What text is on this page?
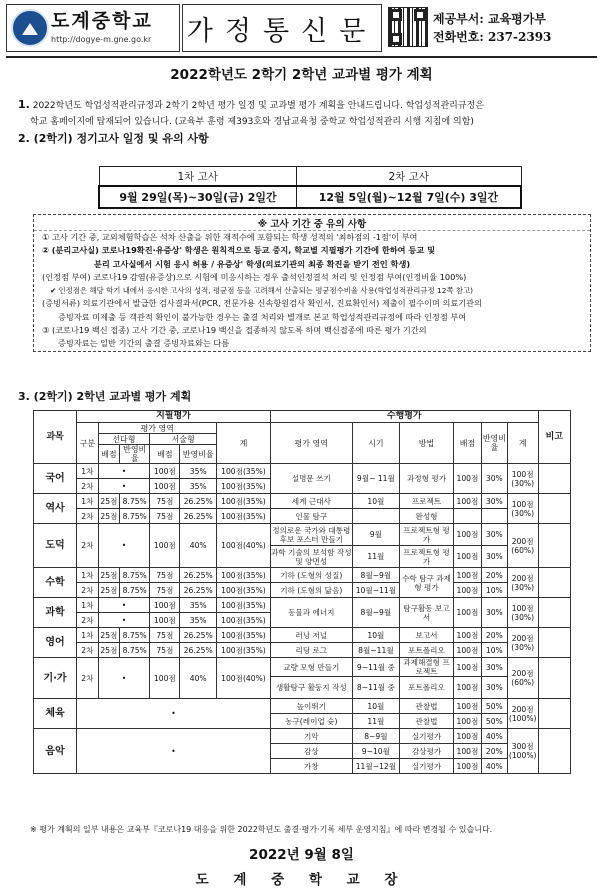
도계중학교
http://dogye-m.gne.go.kr 가정통신문	제공부서: 교육평가부
전화번호: 237-2393
2022학년도 2학기 2학년 교과별 평가 계획
1. 2022학년도 학업성적관리규정과 2학기 2학년 평가 일정 및 교과별 평가 계획을 안내드립니다. 학업성적관리규정은
학교 홈페이지에 탑재되어 있습니다. (교육부 훈령 제393호와 경남교육청 중학교 학업성적관리 시행 지침에 의함)
2. (2학기) 정기고사 일정 및 유의 사항
1차 고사	2차 고사
9월 29일(목)~30일(금) 2일간	12월 5일(월)~12월 7일(수) 3일간
※ 고사 기간 중 유의 사항
① 고사 기간 중, 교외체험학습은 석차 산출을 위한 재적수에 포함되는 학생 성적의 '최하점의 -1점'이 부여
② (분리고사실) 코로나19확진·유증상' 학생은 원칙적으로 등교 중지, 학교별 지필평가 기간에 한하여 등교 및
분리 고사실에서 시험 응시 허용 / 유증상' 학생(의료기관의 최종 확진을 받기 전인 학생)
(인정점 부여) 코로나19 감염(유증상)으로 시험에 미응시하는 경우 출석인정결석 처리 및 인정점 부여(인정비율 100%)
✔ 인정점은 해당 학기 내에서 응시한 고사의 성적, 평균점 등을 고려해서 산출되는 평균점수비율 사용(학업성적관리규정 12쪽 참고)
(증빙서류) 의료기관에서 발급한 검사결과서(PCR, 전문가용 신속항원검사 확인서, 진료확인서) 제출이 필수이며 의료기관의
증빙자료 미제출 등 객관적 확인이 불가능한 경우는 출결 처리와 별개로 본교 학업성적관리규정에 따라 인정점 부여
③ (코로나19 백신 접종) 고사 기간 중, 코로나19 백신을 접종하지 않도록 하며 백신접종에 따른 평가 기간의
증빙자료는 일반 기간의 출결 증빙자료와는 다름
3. (2학기) 2학년 교과별 평가 계획
과목	지필평가						수행평가						비고
	구분	평가 영역				계	평가 영역	시기	방법	배점	반영비율	계	
		선다형		서술형									
		배점	반영비율	배점	반영비율								
국어	1차	•		100점	35%	100점(35%)	설명문 쓰기	9월~ 11월	과정형 평가	100점	30%	100점 (30%)	
	2차	•		100점	35%	100점(35%)							
역사	1차	25점	8.75%	75점	26.25%	100점(35%)	세계 근대사	10월	프로젝트	100점	30%	100점 (30%)	
	2차	25점	8.75%	75점	26.25%	100점(35%)	인물 탐구		완성형				
도덕	2차	•		100점	40%	100점(40%)	정의로운 국가와 대통령 후보 포스터 만들기	9월	프로젝트형 평가	100점	30%	200점 (60%)	
							과학 기술의 보석함 작성 및 양면성	11월	프로젝트형 평가	100점	30%		
수학	1차	25점	8.75%	75점	26.25%	100점(35%)	기하 (도형의 성질)	8월~9월	수학 탐구 과제형 평가	100점	20%	200점 (30%)	
	2차	25점	8.75%	75점	26.25%	100점(35%)	기하 (도형의 닮음)	10월~11월		100점	10%		
과학	1차	•		100점	35%	100점(35%)	동물과 에너지	8월~9월	탐구활동 보고서	100점	30%	100점 (30%)	
	2차	•		100점	35%	100점(35%)							
영어	1차	25점	8.75%	75점	26.25%	100점(35%)	러닝 저널	10월	보고서	100점	20%	200점 (30%)	
	2차	25점	8.75%	75점	26.25%	100점(35%)	리딩 로그	8월~11월	포트폴리오	100점	10%		
기·가	2차	•		100점	40%	100점(40%)	교량 모형 만들기	9~11월 중	과제해결형 프로젝트	100점	30%	200점 (60%)	
							생활탐구 활동지 작성	8~11월 중	포트폴리오	100점	30%		
체육	•						높이뛰기	10월	관찰법	100점	50%	200점 (100%)	
							농구(레이업 슛)	11월	관찰법	100점	50%		
음악	•						기악	8~9월	실기평가	100점	40%	300점 (100%)	
							감상	9~10월	감상평가	100점	20%		
							가창	11월~12월	실기평가	100점	40%		
※ 평가 계획의 일부 내용은 교육부『코로나19 대응을 위한 2022학년도 출결·평가·기록 세부 운영지침』에 따라 변경될 수 있습니다.
2022년 9월 8일
도 계 중 학 교 장
